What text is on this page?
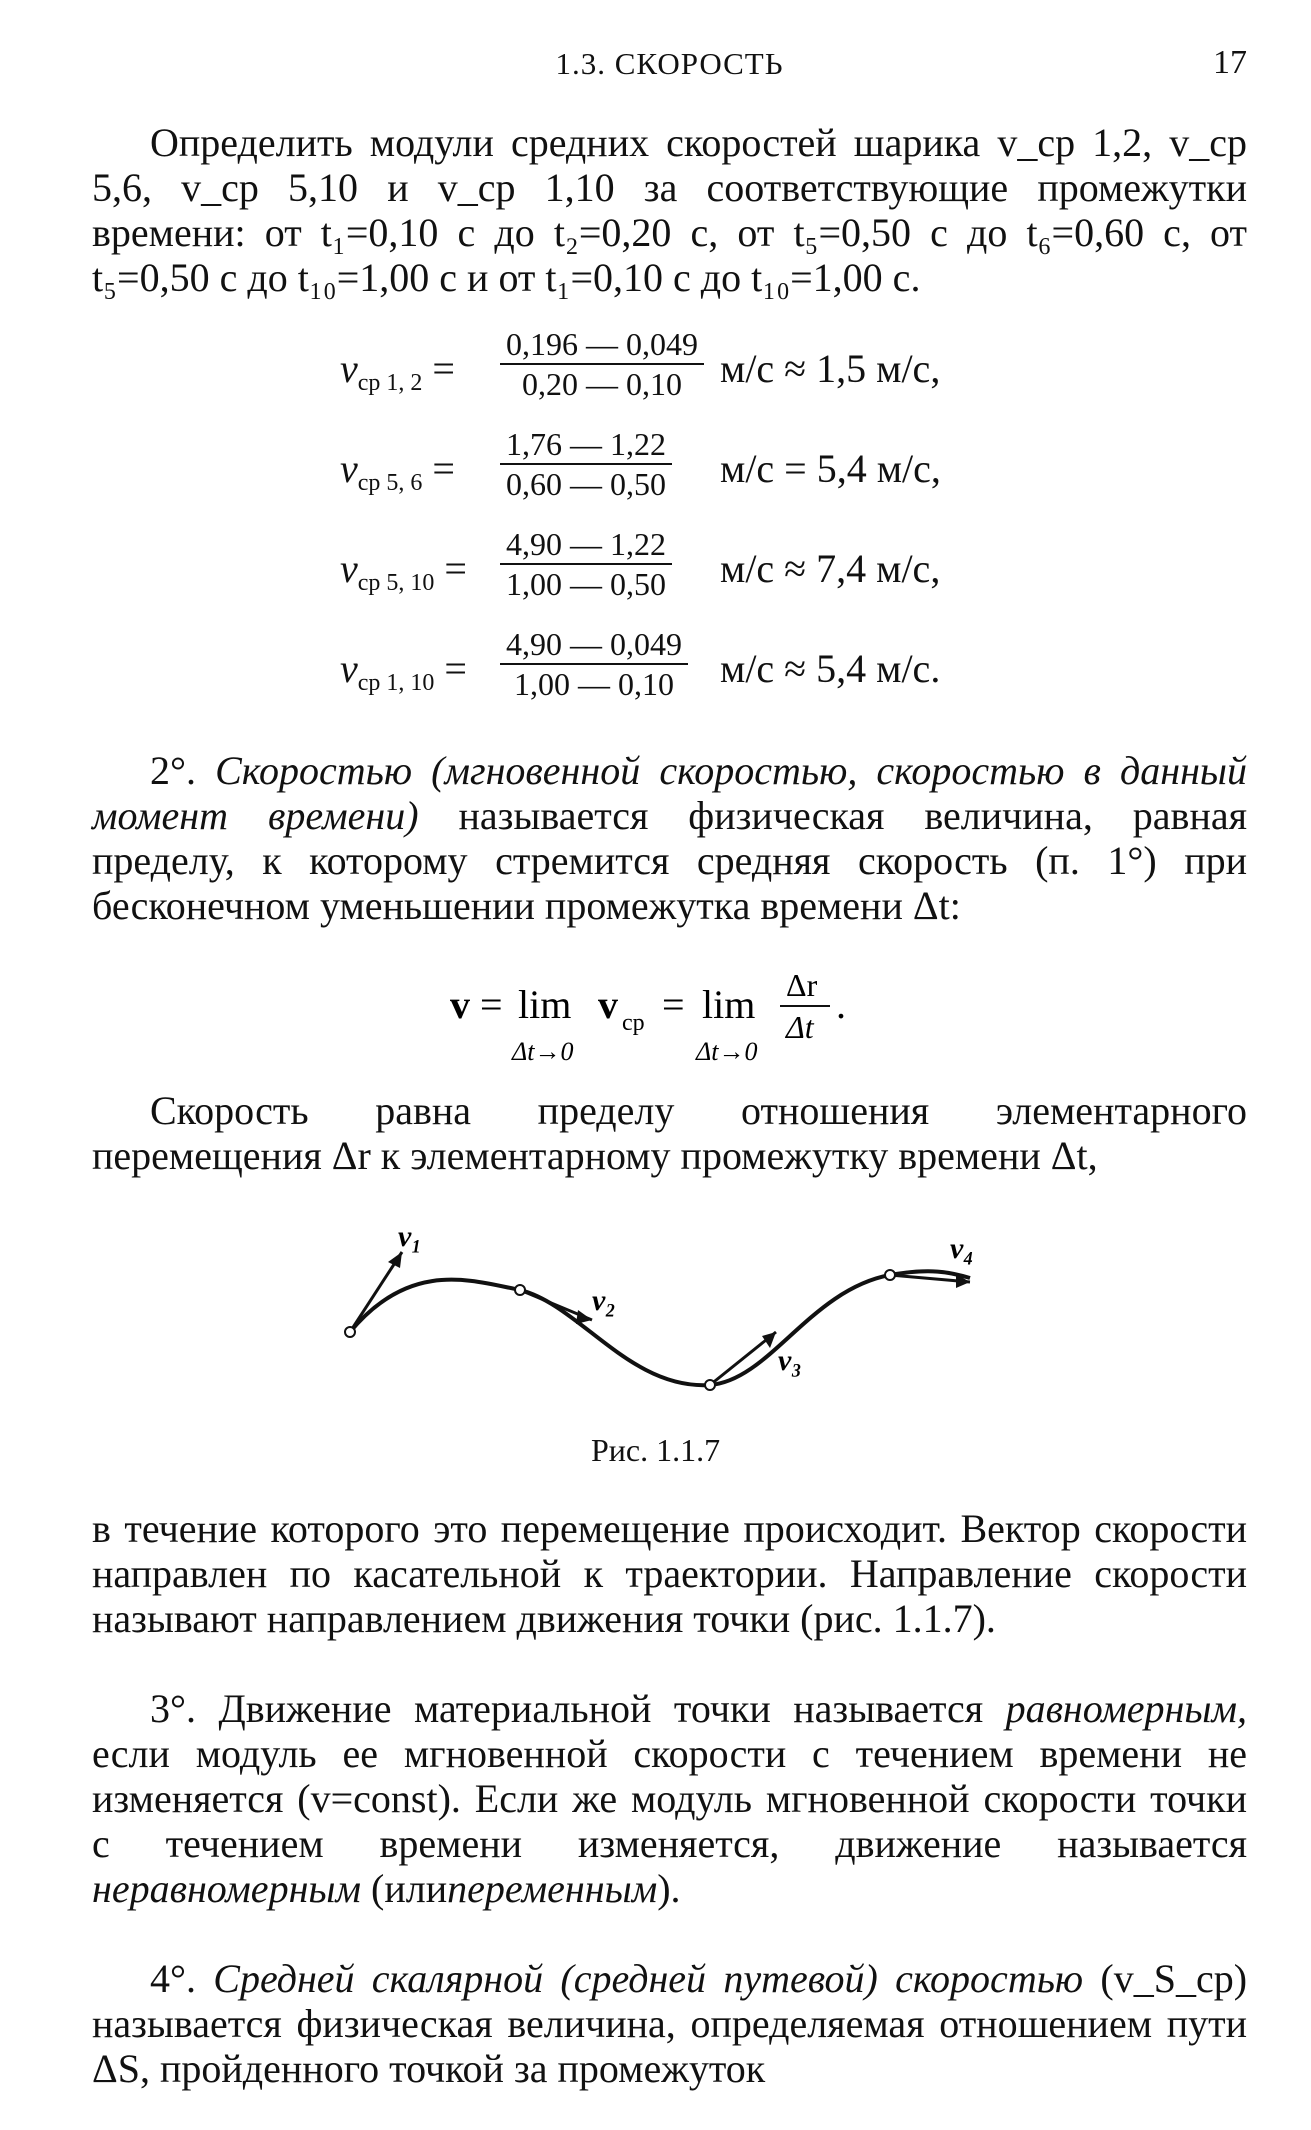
1.3. СКОРОСТЬ	17
Определить модули средних скоростей шарика v_ср 1,2, v_ср 5,6, v_ср 5,10 и v_ср 1,10 за соответствующие промежутки времени: от t₁=0,10 с до t₂=0,20 с, от t₅=0,50 с до t₆=0,60 с, от t₅=0,50 с до t₁₀=1,00 с и от t₁=0,10 с до t₁₀=1,00 с.
$v_{ср 1, 2} = \frac{0,196 — 0,049}{0,20 — 0,10} м/с \approx 1,5$ м/с,
$v_{ср 5, 6} = \frac{1,76 — 1,22}{0,60 — 0,50} м/с = 5,4$ м/с,
$v_{ср 5, 10} = \frac{4,90 — 1,22}{1,00 — 0,50} м/с \approx 7,4$ м/с,
$v_{ср 1, 10} = \frac{4,90 — 0,049}{1,00 — 0,10} м/с \approx 5,4$ м/с.
2°. Скоростью (мгновенной скоростью, скоростью в данный момент времени) называется физическая величина, равная пределу, к которому стремится средняя скорость (п. 1°) при бесконечном уменьшении промежутка времени Δt:
v = lim
Δt→0
v ср = lim
Δt→0
Δr
Δt .
Скорость равна пределу отношения элементарного перемещения Δr к элементарному промежутку времени Δt,
v₁
v₂
v₃
v₄
Рис. 1.1.7
в течение которого это перемещение происходит. Вектор скорости направлен по касательной к траектории. Направление скорости называют направлением движения точки (рис. 1.1.7).
3°. Движение материальной точки называется равномерным, если модуль ее мгновенной скорости с течением времени не изменяется (v=const). Если же модуль мгновенной скорости точки с течением времени изменяется, движение называется неравномерным (илипеременным).
4°. Средней скалярной (средней путевой) скоростью (v_S_ср) называется физическая величина, определяемая отношением пути ΔS, пройденного точкой за промежуток
